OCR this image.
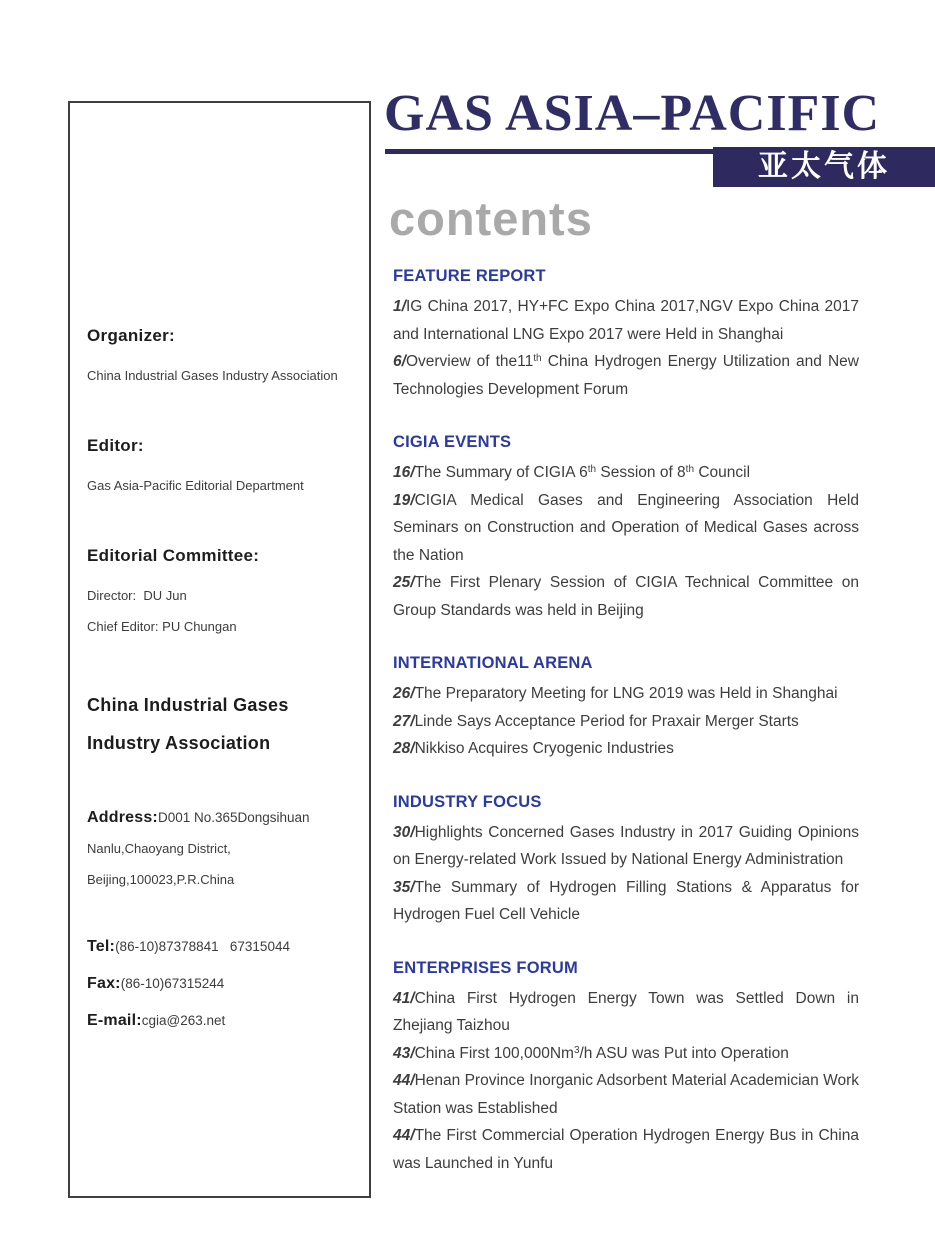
Organizer:
China Industrial Gases Industry Association
Editor:
Gas Asia-Pacific Editorial Department
Editorial Committee:
Director:  DU Jun
Chief Editor: PU Chungan
China Industrial Gases
Industry Association
Address:D001 No.365Dongsihuan
Nanlu,Chaoyang District,
Beijing,100023,P.R.China
Tel:(86-10)87378841   67315044
Fax:(86-10)67315244
E-mail:cgia@263.net
GAS ASIA–PACIFIC
亚太气体
contents
FEATURE REPORT

1/IG China 2017, HY+FC Expo China 2017,NGV Expo China 2017 and International LNG Expo 2017 were Held in Shanghai

6/Overview of the11th China Hydrogen Energy Utilization and New Technologies Development Forum

CIGIA EVENTS

16/The Summary of CIGIA 6th Session of 8th Council

19/CIGIA Medical Gases and Engineering Association Held Seminars on Construction and Operation of Medical Gases across the Nation

25/The First Plenary Session of CIGIA Technical Committee on Group Standards was held in Beijing

INTERNATIONAL ARENA

26/The Preparatory Meeting for LNG 2019 was Held in Shanghai

27/Linde Says Acceptance Period for Praxair Merger Starts

28/Nikkiso Acquires Cryogenic Industries

INDUSTRY FOCUS

30/Highlights Concerned Gases Industry in 2017 Guiding Opinions on Energy-related Work Issued by National Energy Administration

35/The Summary of Hydrogen Filling Stations & Apparatus for Hydrogen Fuel Cell Vehicle

ENTERPRISES FORUM

41/China First Hydrogen Energy Town was Settled Down in Zhejiang Taizhou

43/China First 100,000Nm$^3$/h ASU was Put into Operation

44/Henan Province Inorganic Adsorbent Material Academician Work Station was Established

44/The First Commercial Operation Hydrogen Energy Bus in China was Launched in Yunfu
